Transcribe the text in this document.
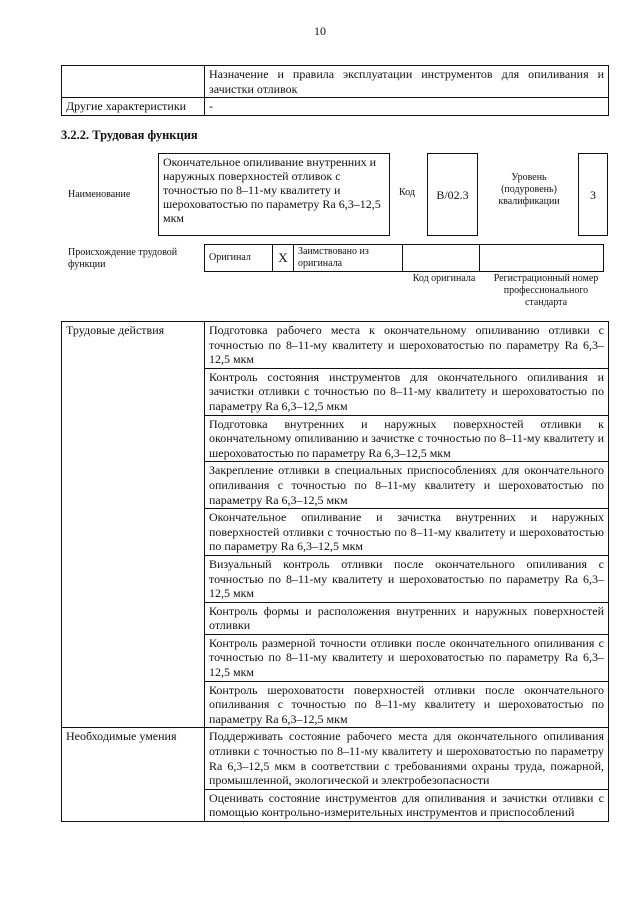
10
	Назначение и правила эксплуатации инструментов для опиливания и зачистки отливок
Другие характеристики	-
3.2.2. Трудовая функция
Наименование
Окончательное опиливание внутренних и наружных поверхностей отливок с точностью по 8–11-му квалитету и шероховатостью по параметру Ra 6,3–12,5 мкм
Код	B/02.3
Уровень (подуровень) квалификации	3
Происхождение трудовой функции
Оригинал	X	Заимствовано из оригинала		
Код оригинала	Регистрационный номер профессионального стандарта
Трудовые действия	Подготовка рабочего места к окончательному опиливанию отливки с точностью по 8–11-му квалитету и шероховатостью по параметру Ra 6,3–12,5 мкм
	Контроль состояния инструментов для окончательного опиливания и зачистки отливки с точностью по 8–11-му квалитету и шероховатостью по параметру Ra 6,3–12,5 мкм
	Подготовка внутренних и наружных поверхностей отливки к окончательному опиливанию и зачистке с точностью по 8–11-му квалитету и шероховатостью по параметру Ra 6,3–12,5 мкм
	Закрепление отливки в специальных приспособлениях для окончательного опиливания с точностью по 8–11-му квалитету и шероховатостью по параметру Ra 6,3–12,5 мкм
	Окончательное опиливание и зачистка внутренних и наружных поверхностей отливки с точностью по 8–11-му квалитету и шероховатостью по параметру Ra 6,3–12,5 мкм
	Визуальный контроль отливки после окончательного опиливания с точностью по 8–11-му квалитету и шероховатостью по параметру Ra 6,3–12,5 мкм
	Контроль формы и расположения внутренних и наружных поверхностей отливки
	Контроль размерной точности отливки после окончательного опиливания с точностью по 8–11-му квалитету и шероховатостью по параметру Ra 6,3–12,5 мкм
	Контроль шероховатости поверхностей отливки после окончательного опиливания с точностью по 8–11-му квалитету и шероховатостью по параметру Ra 6,3–12,5 мкм
Необходимые умения	Поддерживать состояние рабочего места для окончательного опиливания отливки с точностью по 8–11-му квалитету и шероховатостью по параметру Ra 6,3–12,5 мкм в соответствии с требованиями охраны труда, пожарной, промышленной, экологической и электробезопасности
	Оценивать состояние инструментов для опиливания и зачистки отливки с помощью контрольно-измерительных инструментов и приспособлений
